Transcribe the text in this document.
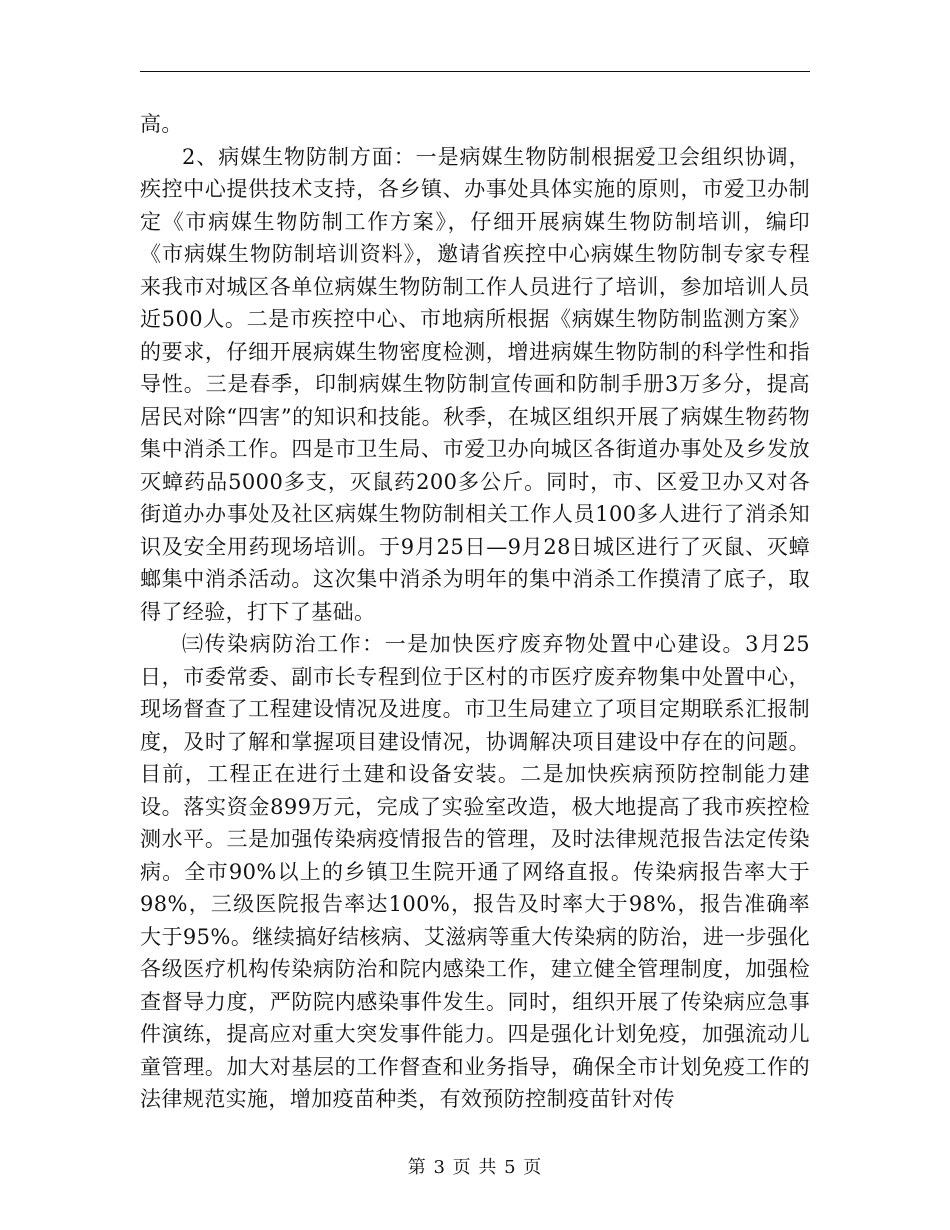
高。

2、病媒生物防制方面：一是病媒生物防制根据爱卫会组织协调，疾控中心提供技术支持，各乡镇、办事处具体实施的原则，市爱卫办制定《市病媒生物防制工作方案》，仔细开展病媒生物防制培训，编印《市病媒生物防制培训资料》，邀请省疾控中心病媒生物防制专家专程来我市对城区各单位病媒生物防制工作人员进行了培训，参加培训人员近500人。二是市疾控中心、市地病所根据《病媒生物防制监测方案》的要求，仔细开展病媒生物密度检测，增进病媒生物防制的科学性和指导性。三是春季，印制病媒生物防制宣传画和防制手册3万多分，提高居民对除“四害”的知识和技能。秋季，在城区组织开展了病媒生物药物集中消杀工作。四是市卫生局、市爱卫办向城区各街道办事处及乡发放灭蟑药品5000多支，灭鼠药200多公斤。同时，市、区爱卫办又对各街道办办事处及社区病媒生物防制相关工作人员100多人进行了消杀知识及安全用药现场培训。于9月25日—9月28日城区进行了灭鼠、灭蟑螂集中消杀活动。这次集中消杀为明年的集中消杀工作摸清了底子，取得了经验，打下了基础。

㈢传染病防治工作：一是加快医疗废弃物处置中心建设。3月25日，市委常委、副市长专程到位于区村的市医疗废弃物集中处置中心，现场督查了工程建设情况及进度。市卫生局建立了项目定期联系汇报制度，及时了解和掌握项目建设情况，协调解决项目建设中存在的问题。目前，工程正在进行土建和设备安装。二是加快疾病预防控制能力建设。落实资金899万元，完成了实验室改造，极大地提高了我市疾控检测水平。三是加强传染病疫情报告的管理，及时法律规范报告法定传染病。全市90%以上的乡镇卫生院开通了网络直报。传染病报告率大于98%，三级医院报告率达100%，报告及时率大于98%，报告准确率大于95%。继续搞好结核病、艾滋病等重大传染病的防治，进一步强化各级医疗机构传染病防治和院内感染工作，建立健全管理制度，加强检查督导力度，严防院内感染事件发生。同时，组织开展了传染病应急事件演练，提高应对重大突发事件能力。四是强化计划免疫，加强流动儿童管理。加大对基层的工作督查和业务指导，确保全市计划免疫工作的法律规范实施，增加疫苗种类，有效预防控制疫苗针对传

第 3 页 共 5 页
